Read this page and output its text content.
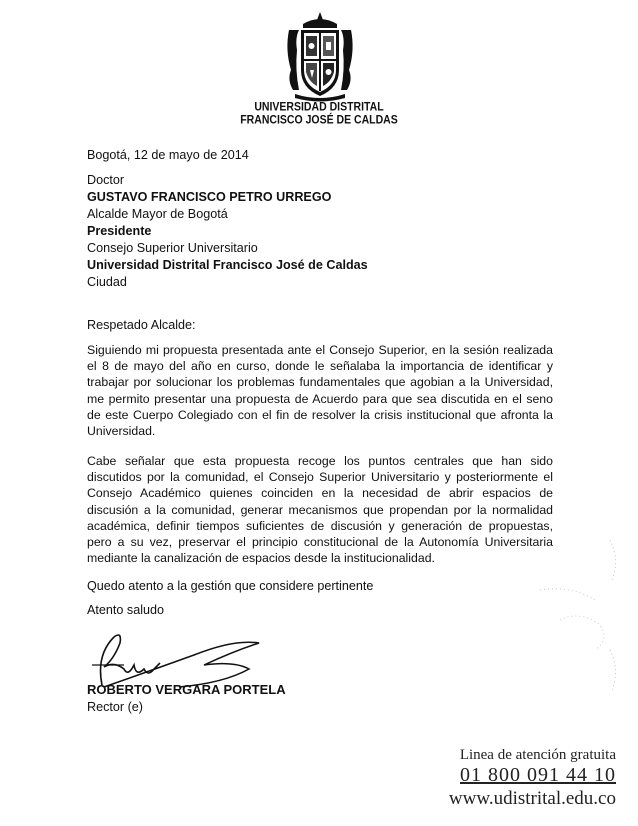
UNIVERSIDAD DISTRITAL
FRANCISCO JOSÉ DE CALDAS
Bogotá, 12 de mayo de 2014
Doctor
GUSTAVO FRANCISCO PETRO URREGO
Alcalde Mayor de Bogotá
Presidente
Consejo Superior Universitario
Universidad Distrital Francisco José de Caldas
Ciudad
Respetado Alcalde:
Siguiendo mi propuesta presentada ante el Consejo Superior, en la sesión realizada el 8 de mayo del año en curso, donde le señalaba la importancia de identificar y trabajar por solucionar los problemas fundamentales que agobian a la Universidad, me permito presentar una propuesta de Acuerdo para que sea discutida en el seno de este Cuerpo Colegiado con el fin de resolver la crisis institucional que afronta la Universidad.
Cabe señalar que esta propuesta recoge los puntos centrales que han sido discutidos por la comunidad, el Consejo Superior Universitario y posteriormente el Consejo Académico quienes coinciden en la necesidad de abrir espacios de discusión a la comunidad, generar mecanismos que propendan por la normalidad académica, definir tiempos suficientes de discusión y generación de propuestas, pero a su vez, preservar el principio constitucional de la Autonomía Universitaria mediante la canalización de espacios desde la institucionalidad.
Quedo atento a la gestión que considere pertinente
Atento saludo
ROBERTO VERGARA PORTELA
Rector (e)
Linea de atención gratuita
01 800 091 44 10
www.udistrital.edu.co
